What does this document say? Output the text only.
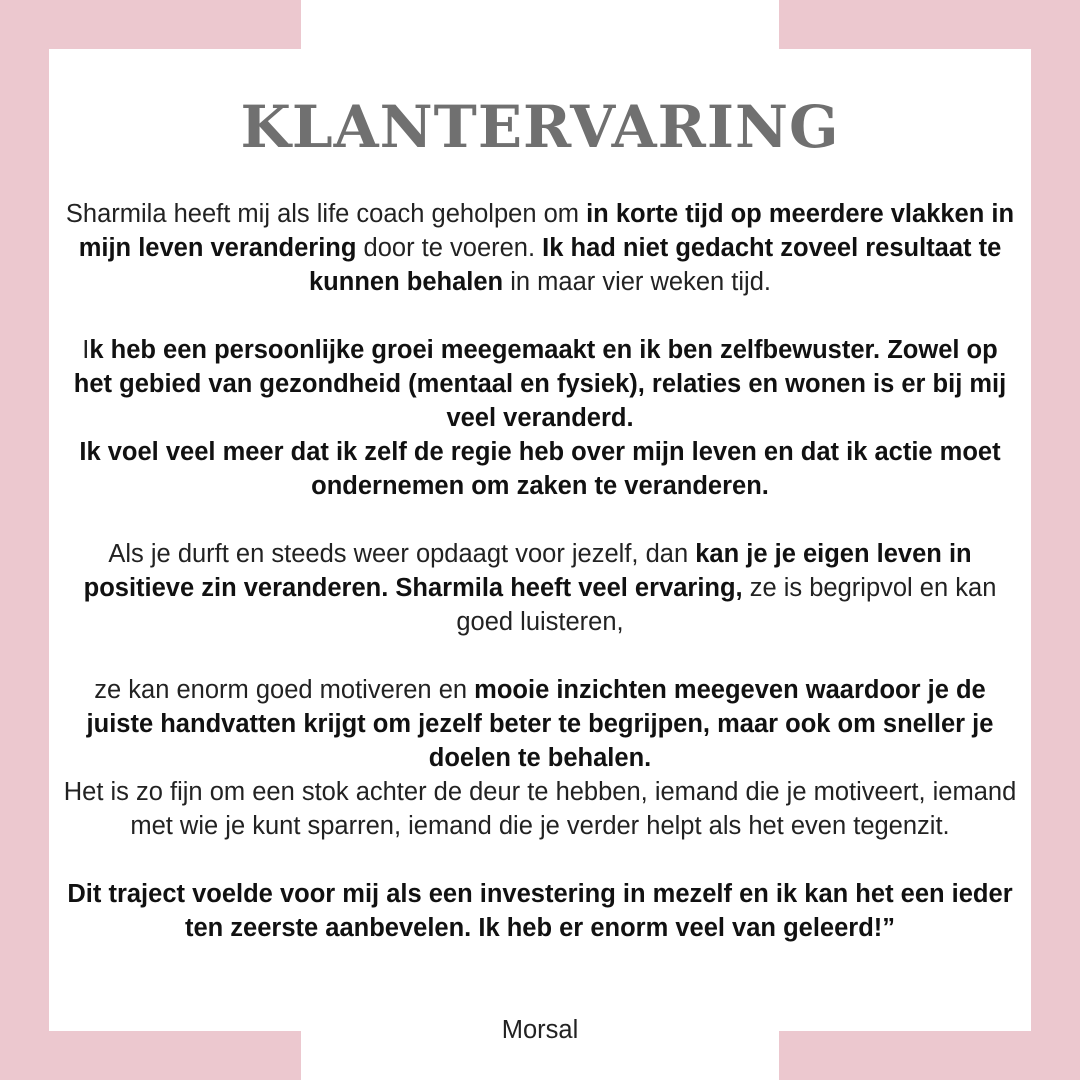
KLANTERVARING

Sharmila heeft mij als life coach geholpen om in korte tijd op meerdere vlakken in mijn leven verandering door te voeren. Ik had niet gedacht zoveel resultaat te kunnen behalen in maar vier weken tijd.

Ik heb een persoonlijke groei meegemaakt en ik ben zelfbewuster. Zowel op het gebied van gezondheid (mentaal en fysiek), relaties en wonen is er bij mij veel veranderd.
Ik voel veel meer dat ik zelf de regie heb over mijn leven en dat ik actie moet ondernemen om zaken te veranderen.

Als je durft en steeds weer opdaagt voor jezelf, dan kan je je eigen leven in positieve zin veranderen. Sharmila heeft veel ervaring, ze is begripvol en kan goed luisteren,

ze kan enorm goed motiveren en mooie inzichten meegeven waardoor je de juiste handvatten krijgt om jezelf beter te begrijpen, maar ook om sneller je doelen te behalen.
Het is zo fijn om een stok achter de deur te hebben, iemand die je motiveert, iemand met wie je kunt sparren, iemand die je verder helpt als het even tegenzit.

Dit traject voelde voor mij als een investering in mezelf en ik kan het een ieder ten zeerste aanbevelen. Ik heb er enorm veel van geleerd!”

Morsal
